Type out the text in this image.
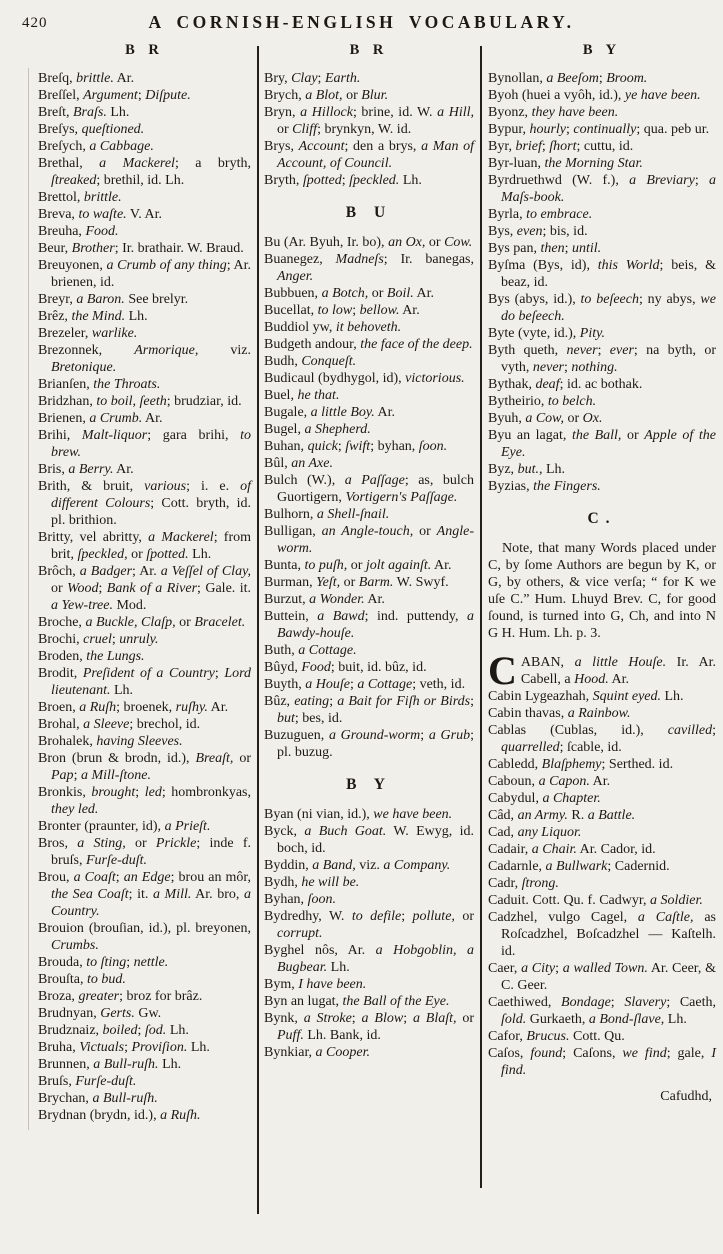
420	A CORNISH-ENGLISH VOCABULARY.
B R

Breſq, brittle. Ar.

Breſſel, Argument; Diſpute.

Breſt, Braſs. Lh.

Breſys, queſtioned.

Breſych, a Cabbage.

Brethal, a Mackerel; a bryth, ſtreaked; brethil, id. Lh.

Brettol, brittle.

Breva, to waſte. V. Ar.

Breuha, Food.

Beur, Brother; Ir. brathair. W. Braud.

Breuyonen, a Crumb of any thing; Ar. brienen, id.

Breyr, a Baron. See brelyr.

Brêz, the Mind. Lh.

Brezeler, warlike.

Brezonnek, Armorique, viz. Bretonique.

Brianſen, the Throats.

Bridzhan, to boil, ſeeth; brudziar, id.

Brienen, a Crumb. Ar.

Brihi, Malt-liquor; gara brihi, to brew.

Bris, a Berry. Ar.

Brith, & bruit, various; i. e. of different Colours; Cott. bryth, id. pl. brithion.

Britty, vel abritty, a Mackerel; from brit, ſpeckled, or ſpotted. Lh.

Brôch, a Badger; Ar. a Veſſel of Clay, or Wood; Bank of a River; Gale. it. a Yew-tree. Mod.

Broche, a Buckle, Claſp, or Bracelet.

Brochi, cruel; unruly.

Broden, the Lungs.

Brodit, Preſident of a Country; Lord lieutenant. Lh.

Broen, a Ruſh; broenek, ruſhy. Ar.

Brohal, a Sleeve; brechol, id.

Brohalek, having Sleeves.

Bron (brun & brodn, id.), Breaſt, or Pap; a Mill-ſtone.

Bronkis, brought; led; hombronkyas, they led.

Bronter (praunter, id), a Prieſt.

Bros, a Sting, or Prickle; inde f. bruſs, Furſe-duſt.

Brou, a Coaſt; an Edge; brou an môr, the Sea Coaſt; it. a Mill. Ar. bro, a Country.

Brouion (brouſian, id.), pl. breyonen, Crumbs.

Brouda, to ſting; nettle.

Brouſta, to bud.

Broza, greater; broz for brâz.

Brudnyan, Gerts. Gw.

Brudznaiz, boiled; ſod. Lh.

Bruha, Victuals; Proviſion. Lh.

Brunnen, a Bull-ruſh. Lh.

Bruſs, Furſe-duſt.

Brychan, a Bull-ruſh.

Brydnan (brydn, id.), a Ruſh.

B R

Bry, Clay; Earth.

Brych, a Blot, or Blur.

Bryn, a Hillock; brine, id. W. a Hill, or Cliff; brynkyn, W. id.

Brys, Account; den a brys, a Man of Account, of Council.

Bryth, ſpotted; ſpeckled. Lh.

B U

Bu (Ar. Byuh, Ir. bo), an Ox, or Cow.

Buanegez, Madneſs; Ir. banegas, Anger.

Bubbuen, a Botch, or Boil. Ar.

Bucellat, to low; bellow. Ar.

Buddiol yw, it behoveth.

Budgeth andour, the face of the deep.

Budh, Conqueſt.

Budicaul (bydhygol, id), victorious.

Buel, he that.

Bugale, a little Boy. Ar.

Bugel, a Shepherd.

Buhan, quick; ſwift; byhan, ſoon.

Bûl, an Axe.

Bulch (W.), a Paſſage; as, bulch Guortigern, Vortigern's Paſſage.

Bulhorn, a Shell-ſnail.

Bulligan, an Angle-touch, or Angle-worm.

Bunta, to puſh, or jolt againſt. Ar.

Burman, Yeſt, or Barm. W. Swyf.

Burzut, a Wonder. Ar.

Buttein, a Bawd; ind. puttendy, a Bawdy-houſe.

Buth, a Cottage.

Bûyd, Food; buit, id. bûz, id.

Buyth, a Houſe; a Cottage; veth, id.

Bûz, eating; a Bait for Fiſh or Birds; but; bes, id.

Buzuguen, a Ground-worm; a Grub; pl. buzug.

B Y

Byan (ni vian, id.), we have been.

Byck, a Buch Goat. W. Ewyg, id. boch, id.

Byddin, a Band, viz. a Company.

Bydh, he will be.

Byhan, ſoon.

Bydredhy, W. to defile; pollute, or corrupt.

Byghel nôs, Ar. a Hobgoblin, a Bugbear. Lh.

Bym, I have been.

Byn an lugat, the Ball of the Eye.

Bynk, a Stroke; a Blow; a Blaſt, or Puff. Lh. Bank, id.

Bynkiar, a Cooper.

B Y

Bynollan, a Beeſom; Broom.

Byoh (huei a vyôh, id.), ye have been.

Byonz, they have been.

Bypur, hourly; continually; qua. peb ur.

Byr, brief; ſhort; cuttu, id.

Byr-luan, the Morning Star.

Byrdruethwd (W. f.), a Breviary; a Maſs-book.

Byrla, to embrace.

Bys, even; bis, id.

Bys pan, then; until.

Byſma (Bys, id), this World; beis, & beaz, id.

Bys (abys, id.), to beſeech; ny abys, we do beſeech.

Byte (vyte, id.), Pity.

Byth queth, never; ever; na byth, or vyth, never; nothing.

Bythak, deaf; id. ac bothak.

Bytheirio, to belch.

Byuh, a Cow, or Ox.

Byu an lagat, the Ball, or Apple of the Eye.

Byz, but., Lh.

Byzias, the Fingers.

C.

Note, that many Words placed under C, by ſome Authors are begun by K, or G, by others, & vice verſa; “ for K we uſe C.” Hum. Lhuyd Brev. C, for good ſound, is turned into G, Ch, and into N G H. Hum. Lh. p. 3.

CABAN, a little Houſe. Ir. Ar. Cabell, a Hood. Ar.

Cabin Lygeazhah, Squint eyed. Lh.

Cabin thavas, a Rainbow.

Cablas (Cublas, id.), cavilled; quarrelled; ſcable, id.

Cabledd, Blaſphemy; Serthed. id.

Caboun, a Capon. Ar.

Cabydul, a Chapter.

Câd, an Army. R. a Battle.

Cad, any Liquor.

Cadair, a Chair. Ar. Cador, id.

Cadarnle, a Bullwark; Cadernid.

Cadr, ſtrong.

Caduit. Cott. Qu. f. Cadwyr, a Soldier.

Cadzhel, vulgo Cagel, a Caſtle, as Roſcadzhel, Boſcadzhel — Kaſtelh. id.

Caer, a City; a walled Town. Ar. Ceer, & C. Geer.

Caethiwed, Bondage; Slavery; Caeth, ſold. Gurkaeth, a Bond-ſlave, Lh.

Cafor, Brucus. Cott. Qu.

Caſos, found; Caſons, we find; gale, I find.

Cafudhd,
